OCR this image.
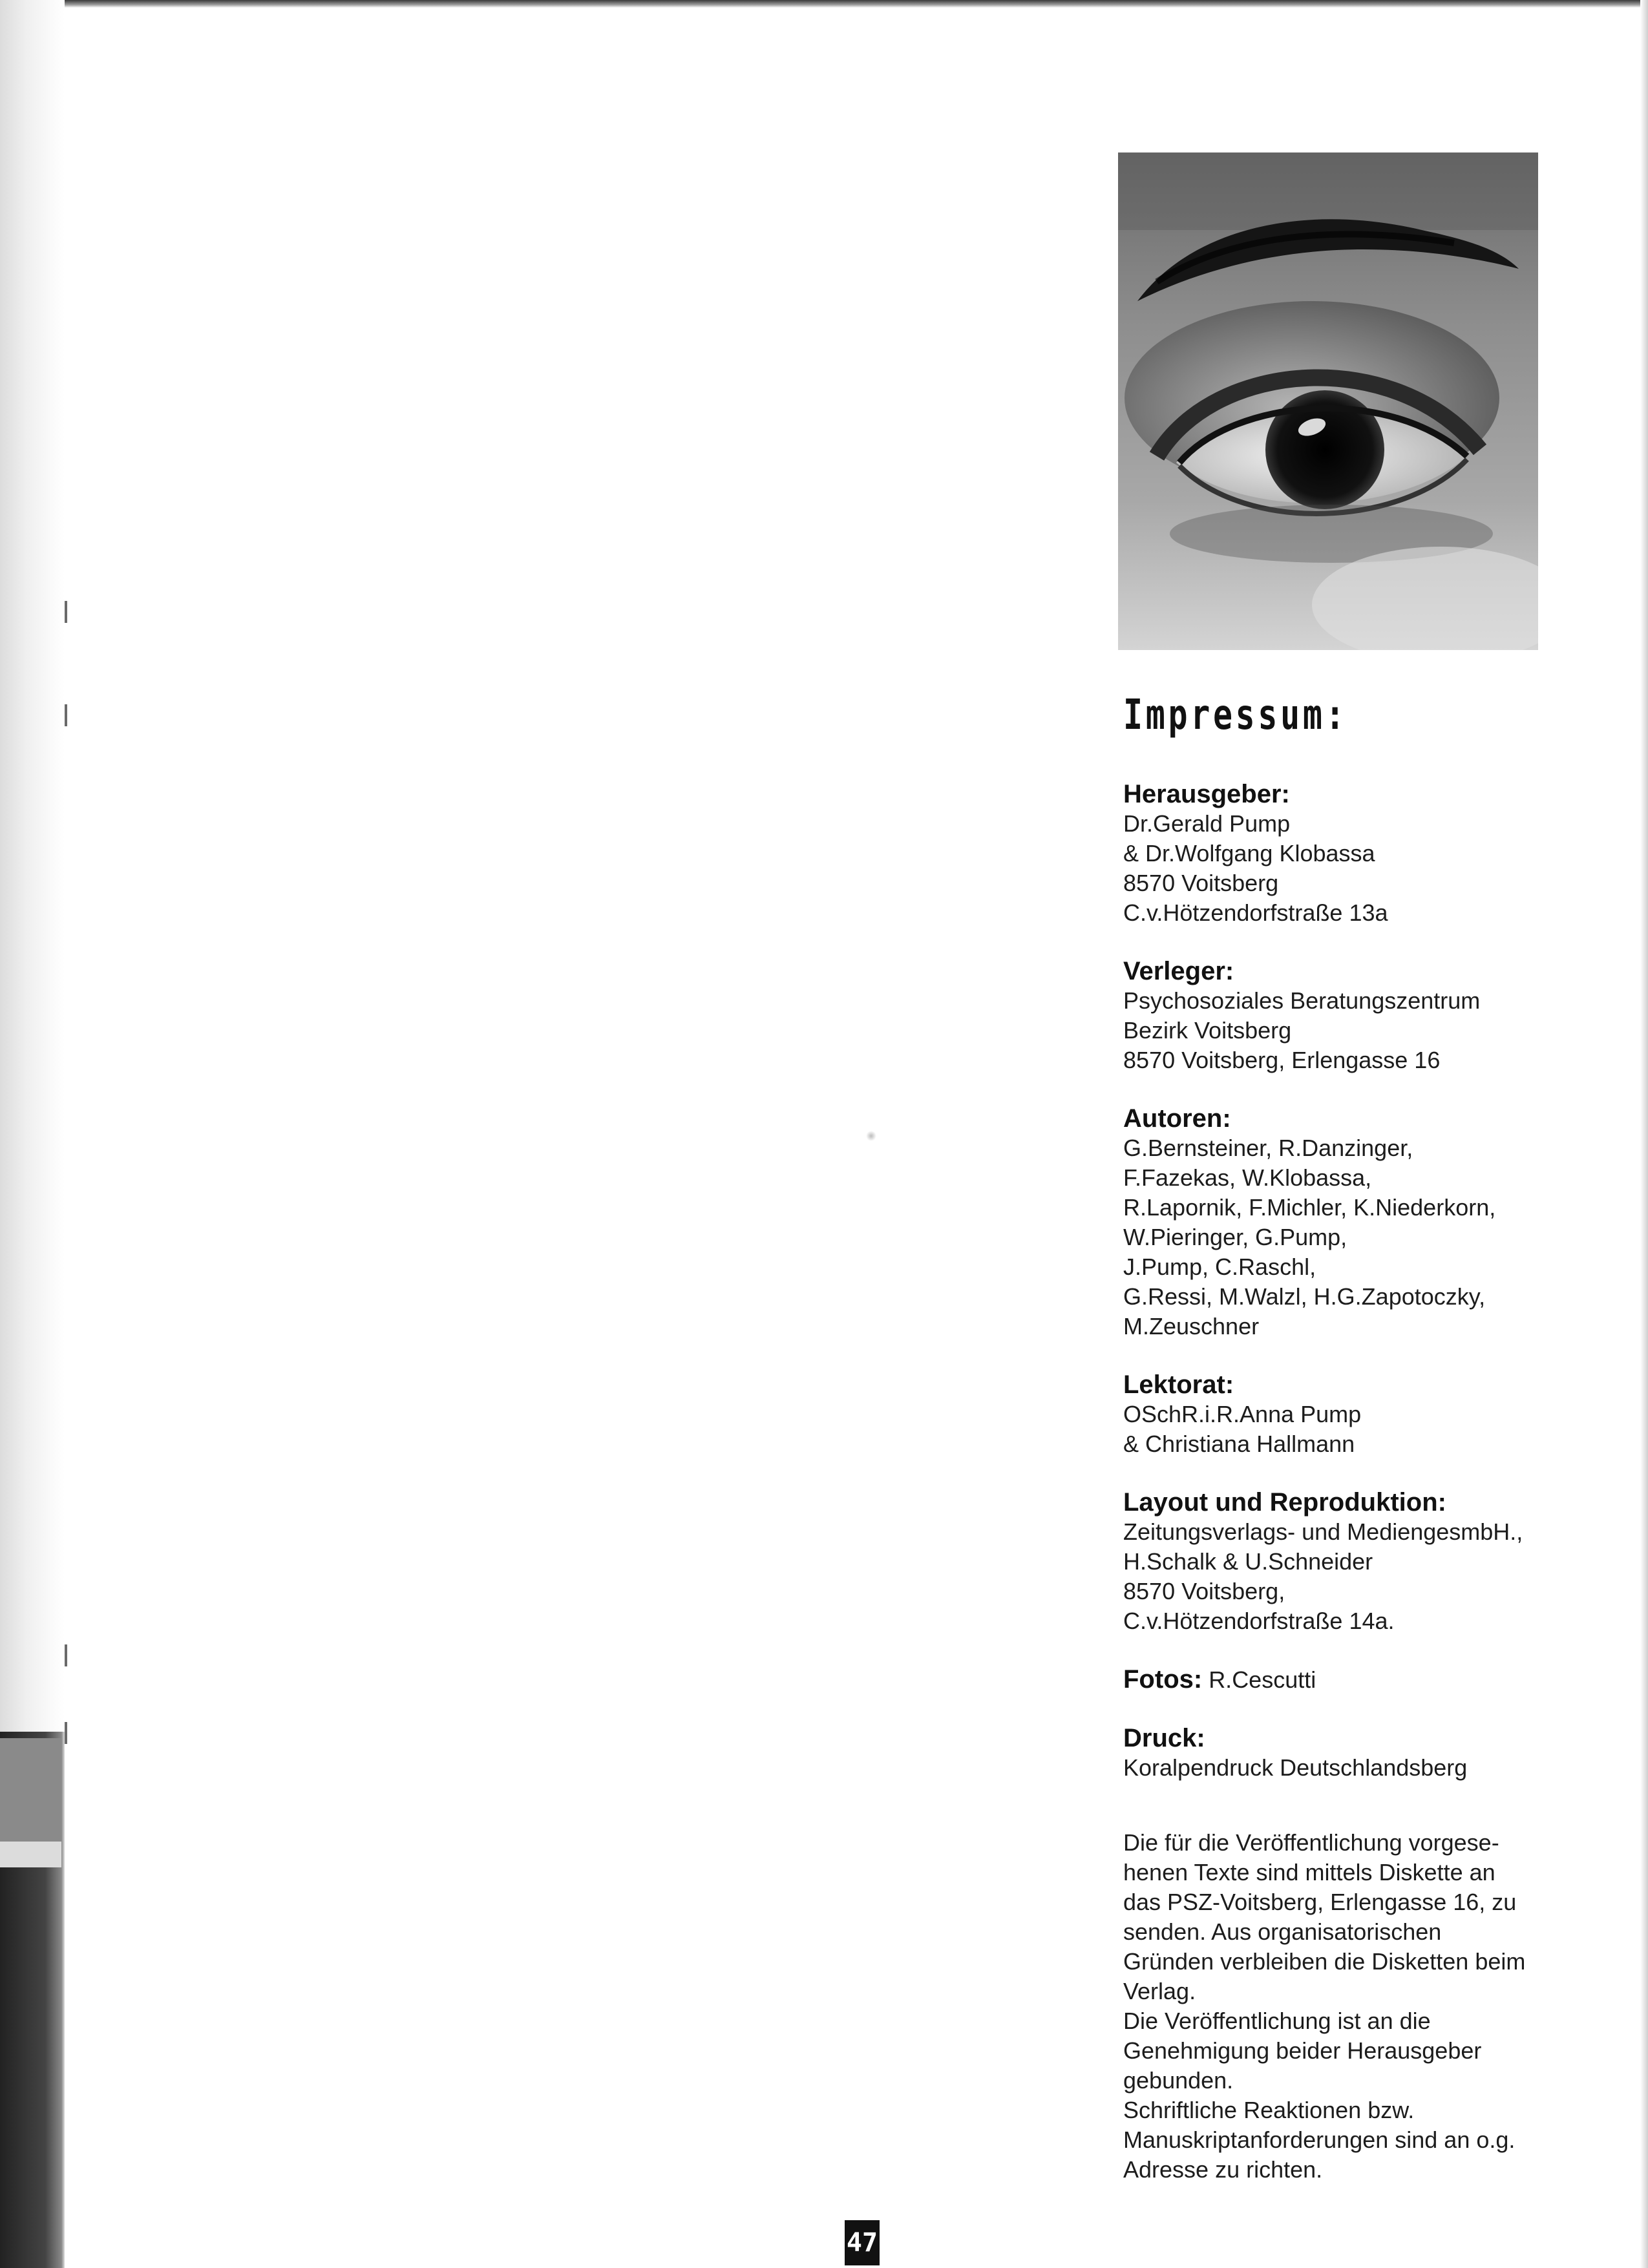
Impressum:
Herausgeber:
Dr.Gerald Pump
& Dr.Wolfgang Klobassa
8570 Voitsberg
C.v.Hötzendorfstraße 13a
Verleger:
Psychosoziales Beratungszentrum
Bezirk Voitsberg
8570 Voitsberg, Erlengasse 16
Autoren:
G.Bernsteiner, R.Danzinger,
F.Fazekas, W.Klobassa,
R.Lapornik, F.Michler, K.Niederkorn,
W.Pieringer, G.Pump,
J.Pump, C.Raschl,
G.Ressi, M.Walzl, H.G.Zapotoczky,
M.Zeuschner
Lektorat:
OSchR.i.R.Anna Pump
& Christiana Hallmann
Layout und Reproduktion:
Zeitungsverlags- und MediengesmbH.,
H.Schalk & U.Schneider
8570 Voitsberg,
C.v.Hötzendorfstraße 14a.
Fotos: R.Cescutti
Druck:
Koralpendruck Deutschlandsberg
Die für die Veröffentlichung vorgese-
henen Texte sind mittels Diskette an
das PSZ-Voitsberg, Erlengasse 16, zu
senden. Aus organisatorischen
Gründen verbleiben die Disketten beim
Verlag.
Die Veröffentlichung ist an die
Genehmigung beider Herausgeber
gebunden.
Schriftliche Reaktionen bzw.
Manuskriptanforderungen sind an o.g.
Adresse zu richten.
47
